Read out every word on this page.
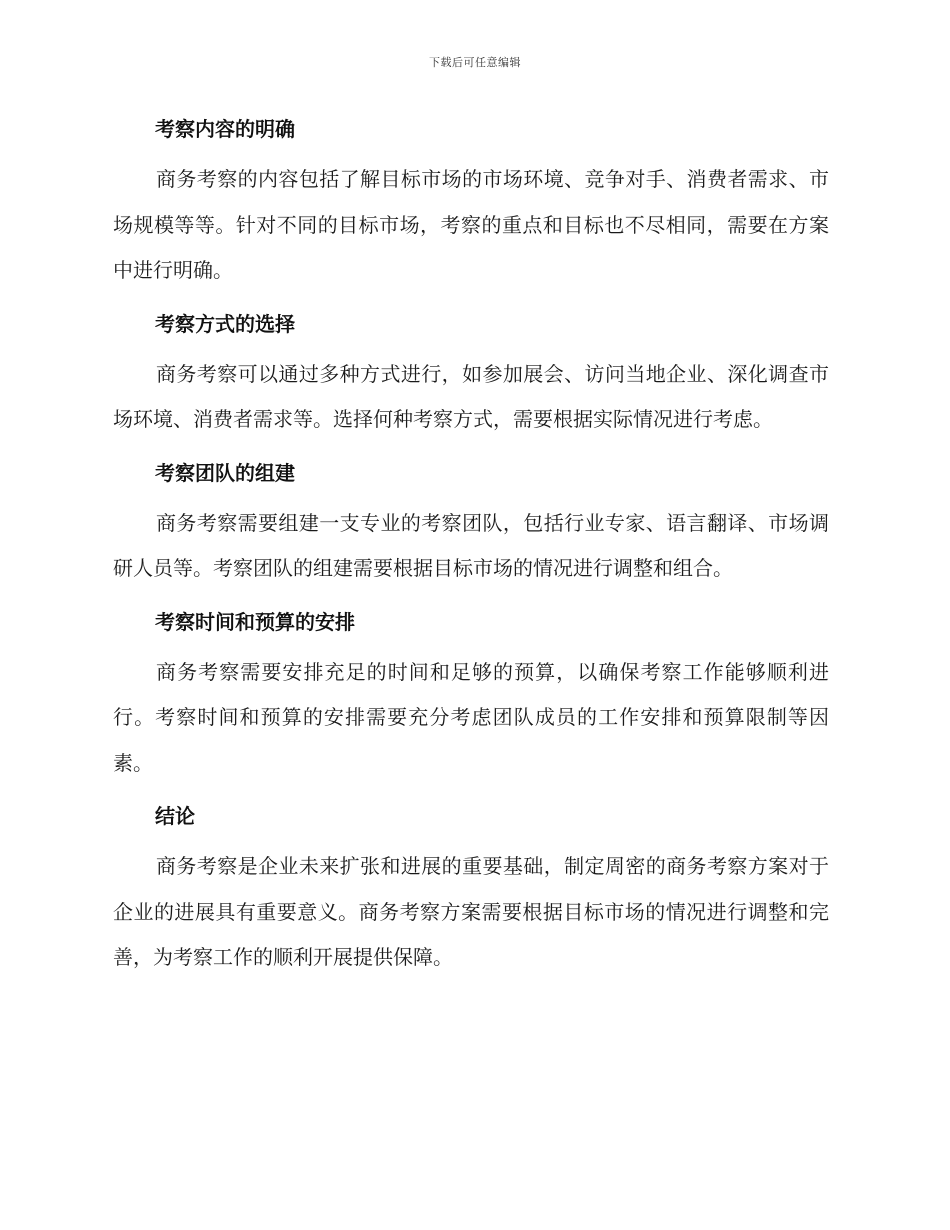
下载后可任意编辑
考察内容的明确

商务考察的内容包括了解目标市场的市场环境、竞争对手、消费者需求、市场规模等等。针对不同的目标市场，考察的重点和目标也不尽相同，需要在方案中进行明确。

考察方式的选择

商务考察可以通过多种方式进行，如参加展会、访问当地企业、深化调查市场环境、消费者需求等。选择何种考察方式，需要根据实际情况进行考虑。

考察团队的组建

商务考察需要组建一支专业的考察团队，包括行业专家、语言翻译、市场调研人员等。考察团队的组建需要根据目标市场的情况进行调整和组合。

考察时间和预算的安排

商务考察需要安排充足的时间和足够的预算，以确保考察工作能够顺利进行。考察时间和预算的安排需要充分考虑团队成员的工作安排和预算限制等因素。

结论

商务考察是企业未来扩张和进展的重要基础，制定周密的商务考察方案对于企业的进展具有重要意义。商务考察方案需要根据目标市场的情况进行调整和完善，为考察工作的顺利开展提供保障。
